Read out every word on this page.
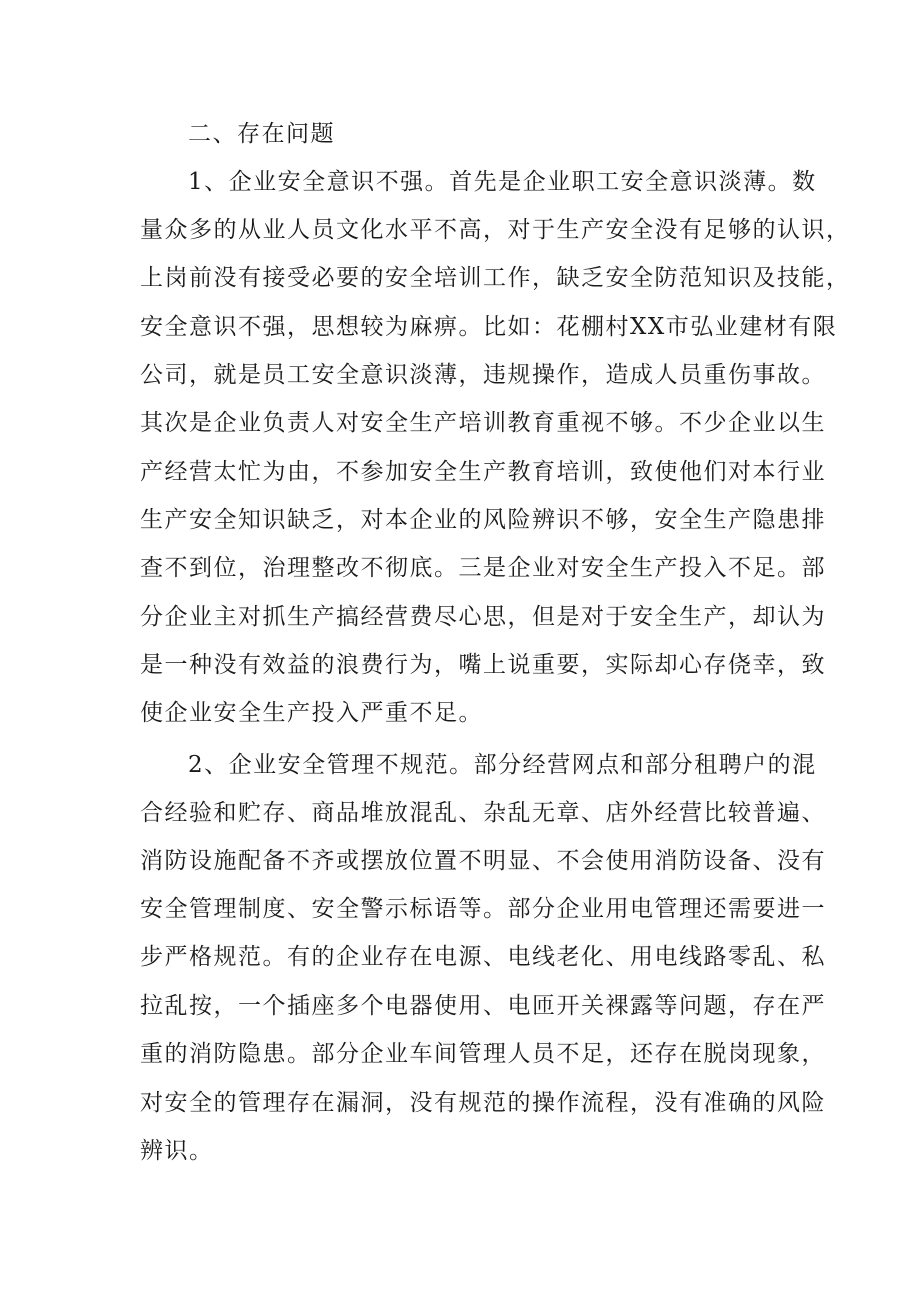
二、存在问题
1、企业安全意识不强。首先是企业职工安全意识淡薄。数
量众多的从业人员文化水平不高，对于生产安全没有足够的认识，
上岗前没有接受必要的安全培训工作，缺乏安全防范知识及技能，
安全意识不强，思想较为麻痹。比如：花棚村XX市弘业建材有限
公司，就是员工安全意识淡薄，违规操作，造成人员重伤事故。
其次是企业负责人对安全生产培训教育重视不够。不少企业以生
产经营太忙为由，不参加安全生产教育培训，致使他们对本行业
生产安全知识缺乏，对本企业的风险辨识不够，安全生产隐患排
查不到位，治理整改不彻底。三是企业对安全生产投入不足。部
分企业主对抓生产搞经营费尽心思，但是对于安全生产，却认为
是一种没有效益的浪费行为，嘴上说重要，实际却心存侥幸，致
使企业安全生产投入严重不足。
2、企业安全管理不规范。部分经营网点和部分租聘户的混
合经验和贮存、商品堆放混乱、杂乱无章、店外经营比较普遍、
消防设施配备不齐或摆放位置不明显、不会使用消防设备、没有
安全管理制度、安全警示标语等。部分企业用电管理还需要进一
步严格规范。有的企业存在电源、电线老化、用电线路零乱、私
拉乱按，一个插座多个电器使用、电匝开关裸露等问题，存在严
重的消防隐患。部分企业车间管理人员不足，还存在脱岗现象，
对安全的管理存在漏洞，没有规范的操作流程，没有准确的风险
辨识。
